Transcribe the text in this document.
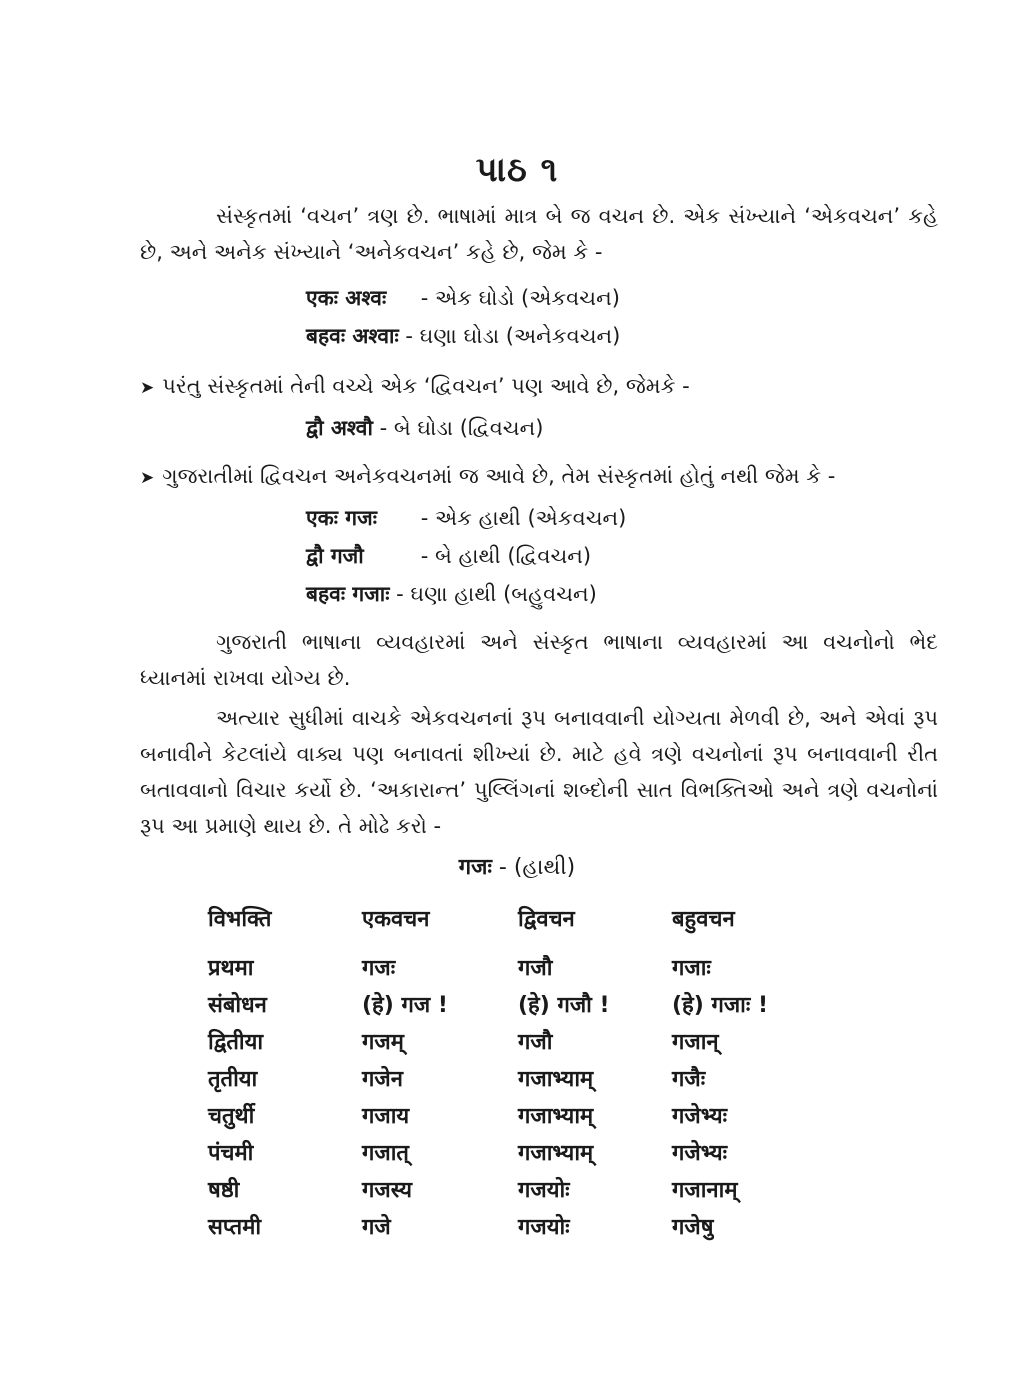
પાઠ ૧
સંસ્કૃતમાં ‘વચન’ ત્રણ છે. ભાષામાં માત્ર બે જ વચન છે. એક સંખ્યાને ‘એકવચન’ કહે છે, અને અનેક સંખ્યાને ‘અનેકવચન’ કહે છે, જેમ કે -
एकः अश्वः - એક ઘોડો (એકવચન)
बहवः अश्वाः - ઘણા ઘોડા (અનેકવચન)
➤ પરંતુ સંસ્કૃતમાં તેની વચ્ચે એક ‘દ્વિવચન’ પણ આવે છે, જેમકે -
द्वौ अश्वौ - બે ઘોડા (દ્વિવચન)
➤ ગુજરાતીમાં દ્વિવચન અનેકવચનમાં જ આવે છે, તેમ સંસ્કૃતમાં હોતું નથી જેમ કે -
एकः गजः - એક હાથી (એકવચન)
द्वौ गजौ	- બે હાથી (દ્વિવચન)
बहवः गजाः - ઘણા હાથી (બહુવચન)
ગુજરાતી ભાષાના વ્યવહારમાં અને સંસ્કૃત ભાષાના વ્યવહારમાં આ વચનોનો ભેદ ધ્યાનમાં રાખવા યોગ્ય છે.
અત્યાર સુધીમાં વાચકે એકવચનનાં રૂપ બનાવવાની યોગ્યતા મેળવી છે, અને એવાં રૂપ બનાવીને કેટલાંયે વાક્ય પણ બનાવતાં શીખ્યાં છે. માટે હવે ત્રણે વચનોનાં રૂપ બનાવવાની રીત બતાવવાનો વિચાર કર્યો છે. ‘અકારાન્ત’ પુલ્લિંગનાં શબ્દોની સાત વિભક્તિઓ અને ત્રણે વચનોનાં રૂપ આ પ્રમાણે થાય છે. તે મોઢે કરો -
गजः - (હાથી)
विभक्ति	एकवचन	द्विवचन	बहुवचन
प्रथमा	गजः	गजौ	गजाः
संबोधन	(हे) गज !	(हे) गजौ !	(हे) गजाः !
द्वितीया	गजम्	गजौ	गजान्
तृतीया	गजेन	गजाभ्याम्	गजैः
चतुर्थी	गजाय	गजाभ्याम्	गजेभ्यः
पंचमी	गजात्	गजाभ्याम्	गजेभ्यः
षष्ठी	गजस्य	गजयोः	गजानाम्
सप्तमी	गजे	गजयोः	गजेषु
